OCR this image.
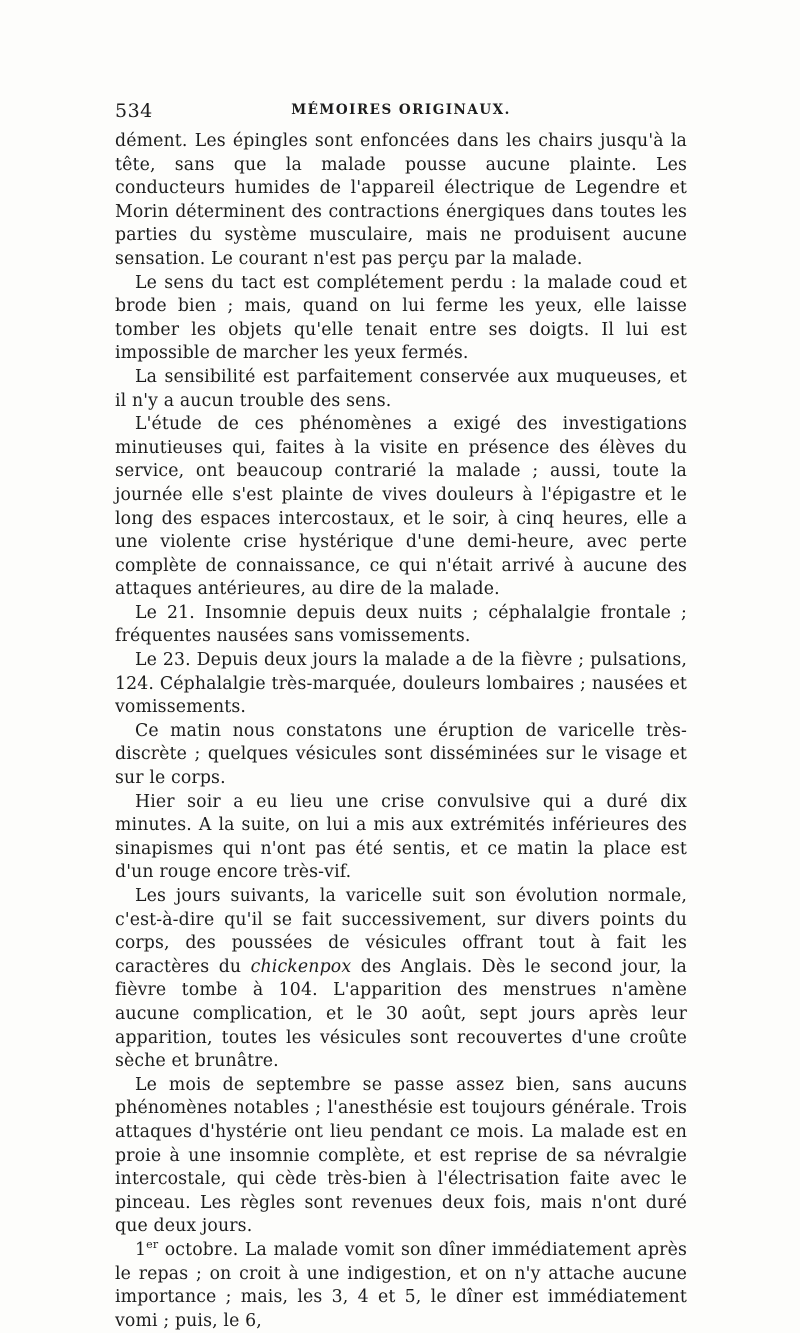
534	MÉMOIRES ORIGINAUX.

dément. Les épingles sont enfoncées dans les chairs jusqu'à la tête, sans que la malade pousse aucune plainte. Les conducteurs humides de l'appareil électrique de Legendre et Morin déterminent des contractions énergiques dans toutes les parties du système musculaire, mais ne produisent aucune sensation. Le courant n'est pas perçu par la malade.

Le sens du tact est complétement perdu : la malade coud et brode bien ; mais, quand on lui ferme les yeux, elle laisse tomber les objets qu'elle tenait entre ses doigts. Il lui est impossible de marcher les yeux fermés.

La sensibilité est parfaitement conservée aux muqueuses, et il n'y a aucun trouble des sens.

L'étude de ces phénomènes a exigé des investigations minutieuses qui, faites à la visite en présence des élèves du service, ont beaucoup contrarié la malade ; aussi, toute la journée elle s'est plainte de vives douleurs à l'épigastre et le long des espaces intercostaux, et le soir, à cinq heures, elle a une violente crise hystérique d'une demi-heure, avec perte complète de connaissance, ce qui n'était arrivé à aucune des attaques antérieures, au dire de la malade.

Le 21. Insomnie depuis deux nuits ; céphalalgie frontale ; fréquentes nausées sans vomissements.

Le 23. Depuis deux jours la malade a de la fièvre ; pulsations, 124. Céphalalgie très-marquée, douleurs lombaires ; nausées et vomissements.

Ce matin nous constatons une éruption de varicelle très-discrète ; quelques vésicules sont disséminées sur le visage et sur le corps.

Hier soir a eu lieu une crise convulsive qui a duré dix minutes. A la suite, on lui a mis aux extrémités inférieures des sinapismes qui n'ont pas été sentis, et ce matin la place est d'un rouge encore très-vif.

Les jours suivants, la varicelle suit son évolution normale, c'est-à-dire qu'il se fait successivement, sur divers points du corps, des poussées de vésicules offrant tout à fait les caractères du chickenpox des Anglais. Dès le second jour, la fièvre tombe à 104. L'apparition des menstrues n'amène aucune complication, et le 30 août, sept jours après leur apparition, toutes les vésicules sont recouvertes d'une croûte sèche et brunâtre.

Le mois de septembre se passe assez bien, sans aucuns phénomènes notables ; l'anesthésie est toujours générale. Trois attaques d'hystérie ont lieu pendant ce mois. La malade est en proie à une insomnie complète, et est reprise de sa névralgie intercostale, qui cède très-bien à l'électrisation faite avec le pinceau. Les règles sont revenues deux fois, mais n'ont duré que deux jours.

1er octobre. La malade vomit son dîner immédiatement après le repas ; on croit à une indigestion, et on n'y attache aucune importance ; mais, les 3, 4 et 5, le dîner est immédiatement vomi ; puis, le 6,
